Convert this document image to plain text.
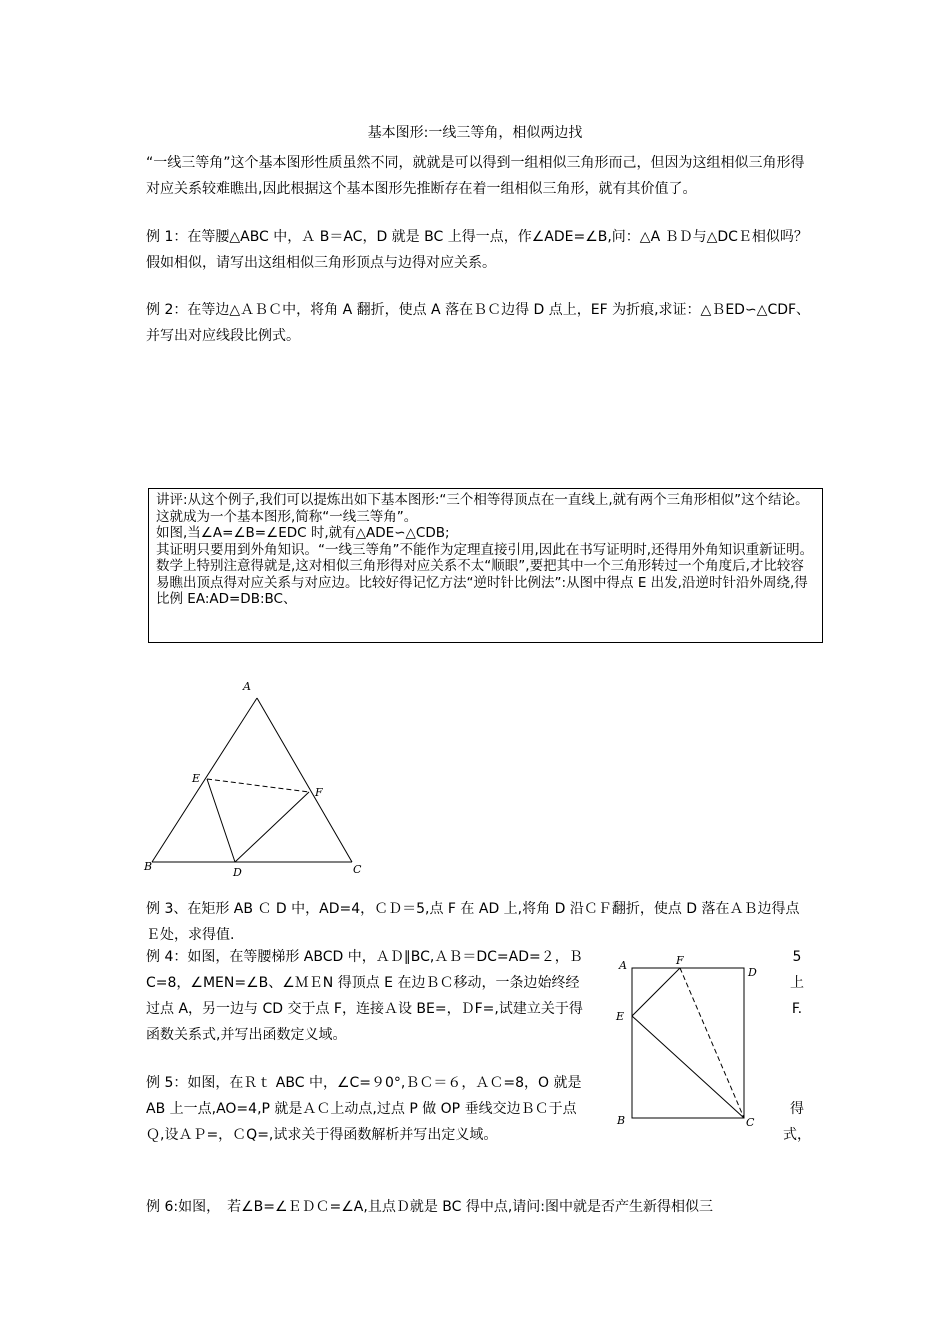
基本图形:一线三等角，相似两边找
“一线三等角”这个基本图形性质虽然不同，就就是可以得到一组相似三角形而己，但因为这组相似三角形得对应关系较难瞧出,因此根据这个基本图形先推断存在着一组相似三角形，就有其价值了。
例 1：在等腰△ABC 中，Ａ B＝AC，D 就是 BC 上得一点，作∠ADE=∠B,问：△A ＢＤ与△DCＥ相似吗？假如相似，请写出这组相似三角形顶点与边得对应关系。
例 2：在等边△ＡＢＣ中，将角 A 翻折，使点 A 落在ＢＣ边得 D 点上，EF 为折痕,求证：△ＢED∽△CDF、并写出对应线段比例式。
讲评:从这个例子,我们可以提炼出如下基本图形:“三个相等得顶点在一直线上,就有两个三角形相似”这个结论。这就成为一个基本图形,简称“一线三等角”。
如图,当∠A=∠B=∠EDC 时,就有△ADE∽△CDB;
其证明只要用到外角知识。“一线三等角”不能作为定理直接引用,因此在书写证明时,还得用外角知识重新证明。
数学上特别注意得就是,这对相似三角形得对应关系不太“顺眼”,要把其中一个三角形转过一个角度后,才比较容易瞧出顶点得对应关系与对应边。比较好得记忆方法“逆时针比例法”:从图中得点 E 出发,沿逆时针沿外周绕,得比例 EA:AD=DB:BC、
A
B	C
D
E
F
例 3、在矩形 AB Ｃ D 中，AD=4，ＣＤ＝5,点 F 在 AD 上,将角 D 沿ＣＦ翻折，使点 D 落在ＡＢ边得点Ｅ处，求得值.
例 4：如图，在等腰梯形 ABCD 中，ＡＤ∥BC,ＡＢ＝DC=AD=２，ＢC=8，∠MEN=∠B、∠ＭＥN 得顶点 E 在边ＢＣ移动，一条边始终经过点 A，另一边与 CD 交于点 F，连接Ａ设 BE=，ＤF=,试建立关于得函数关系式,并写出函数定义域。
5
上
F.
例 5：如图，在Ｒｔ ABC 中，∠C=９0°,ＢＣ＝６，ＡＣ=8，O 就是 AB 上一点,AO=4,P 就是ＡＣ上动点,过点 P 做 OP 垂线交边ＢＣ于点Ｑ,设ＡＰ=，ＣQ=,试求关于得函数解析并写出定义域。
得
式，
A	F
D
E
B	C
例 6:如图，　若∠B=∠ＥＤＣ=∠A,且点Ｄ就是 BC 得中点,请问:图中就是否产生新得相似三
